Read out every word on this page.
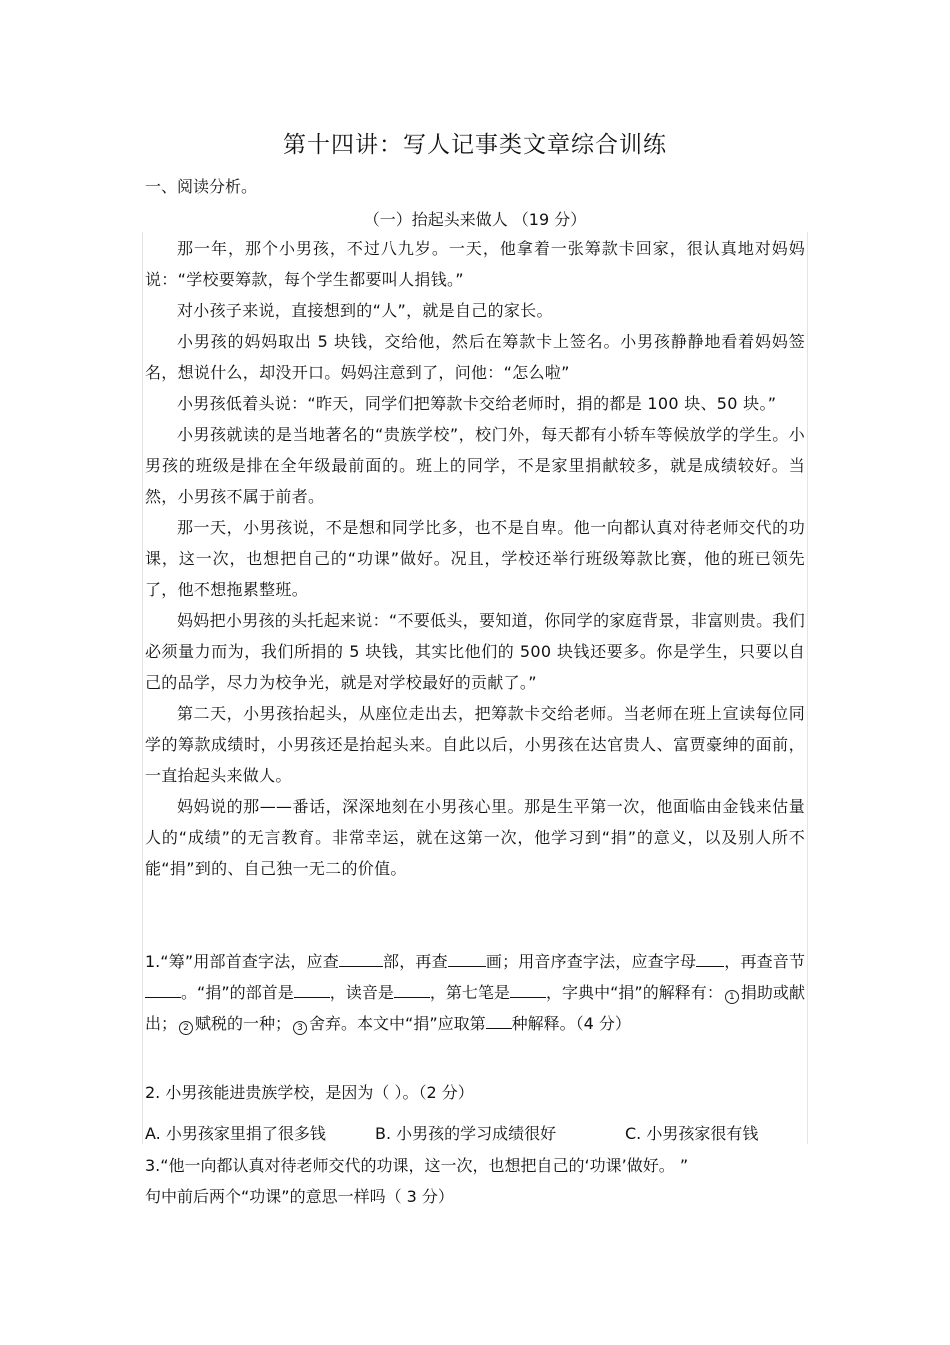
第十四讲：写人记事类文章综合训练
一、阅读分析。
（一）抬起头来做人 （19 分）

那一年，那个小男孩，不过八九岁。一天，他拿着一张筹款卡回家，很认真地对妈妈说：“学校要筹款，每个学生都要叫人捐钱。”

对小孩子来说，直接想到的“人”，就是自己的家长。

小男孩的妈妈取出 5 块钱，交给他，然后在筹款卡上签名。小男孩静静地看着妈妈签名，想说什么，却没开口。妈妈注意到了，问他：“怎么啦”

小男孩低着头说：“昨天，同学们把筹款卡交给老师时，捐的都是 100 块、50 块。”

小男孩就读的是当地著名的“贵族学校”，校门外，每天都有小轿车等候放学的学生。小男孩的班级是排在全年级最前面的。班上的同学，不是家里捐献较多，就是成绩较好。当然，小男孩不属于前者。

那一天，小男孩说，不是想和同学比多，也不是自卑。他一向都认真对待老师交代的功课，这一次，也想把自己的“功课”做好。况且，学校还举行班级筹款比赛，他的班已领先了，他不想拖累整班。

妈妈把小男孩的头托起来说：“不要低头，要知道，你同学的家庭背景，非富则贵。我们必须量力而为，我们所捐的 5 块钱，其实比他们的 500 块钱还要多。你是学生，只要以自己的品学，尽力为校争光，就是对学校最好的贡献了。”

第二天，小男孩抬起头，从座位走出去，把筹款卡交给老师。当老师在班上宣读每位同学的筹款成绩时，小男孩还是抬起头来。自此以后，小男孩在达官贵人、富贾豪绅的面前，一直抬起头来做人。

妈妈说的那——番话，深深地刻在小男孩心里。那是生平第一次，他面临由金钱来估量人的“成绩”的无言教育。非常幸运，就在这第一次，他学习到“捐”的意义，以及别人所不能“捐”到的、自己独一无二的价值。

1.“筹”用部首查字法，应查	部，再查 画；用音序查字法，应查字母 ，再查音节。“捐”的部首是 ，读音是 ，第七笔是 ，字典中“捐”的解释有： 1 捐助或献出； 2 赋税的一种； 3 舍弃。本文中“捐”应取第 种解释。（4 分）
2. 小男孩能进贵族学校，是因为（ ）。（2 分）
A. 小男孩家里捐了很多钱	B. 小男孩的学习成绩很好	C. 小男孩家很有钱
3.“他一向都认真对待老师交代的功课，这一次，也想把自己的‘功课’做好。 ”
句中前后两个“功课”的意思一样吗（ 3 分）
